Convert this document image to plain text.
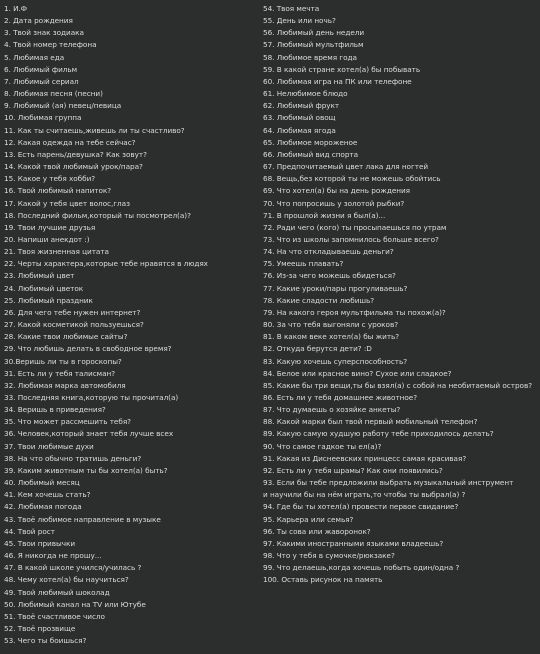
1. И.Ф
2. Дата рождения
3. Твой знак зодиака
4. Твой номер телефона
5. Любимая еда
6. Любимый фильм
7. Любимый сериал
8. Любимая песня (песни)
9. Любимый (ая) певец/певица
10. Любимая группа
11. Как ты считаешь,живешь ли ты счастливо?
12. Какая одежда на тебе сейчас?
13. Есть парень/девушка? Как зовут?
14. Какой твой любимый урок/пара?
15. Какое у тебя хобби?
16. Твой любимый напиток?
17. Какой у тебя цвет волос,глаз
18. Последний фильм,который ты посмотрел(а)?
19. Твои лучшие друзья
20. Напиши анекдот :)
21. Твоя жизненная цитата
22. Черты характера,которые тебе нравятся в людях
23. Любимый цвет
24. Любимый цветок
25. Любимый праздник
26. Для чего тебе нужен интернет?
27. Какой косметикой пользуешься?
28. Какие твои любимые сайты?
29. Что любишь делать в свободное время?
30.Веришь ли ты в гороскопы?
31. Есть ли у тебя талисман?
32. Любимая марка автомобиля
33. Последняя книга,которую ты прочитал(а)
34. Веришь в приведения?
35. Что может рассмешить тебя?
36. Человек,который знает тебя лучше всех
37. Твои любимые духи
38. На что обычно тратишь деньги?
39. Каким животным ты бы хотел(а) быть?
40. Любимый месяц
41. Кем хочешь стать?
42. Любимая погода
43. Твоё любимое направление в музыке
44. Твой рост
45. Твои привычки
46. Я никогда не прошу...
47. В какой школе учился/училась ?
48. Чему хотел(а) бы научиться?
49. Твой любимый шоколад
50. Любимый канал на TV или Ютубе
51. Твоё счастливое число
52. Твоё прозвище
53. Чего ты боишься?
54. Твоя мечта
55. День или ночь?
56. Любимый день недели
57. Любимый мультфильм
58. Любимое время года
59. В какой стране хотел(а) бы побывать
60. Любимая игра на ПК или телефоне
61. Нелюбимое блюдо
62. Любимый фрукт
63. Любимый овощ
64. Любимая ягода
65. Любимое мороженое
66. Любимый вид спорта
67. Предпочитаемый цвет лака для ногтей
68. Вещь,без которой ты не можешь обойтись
69. Что хотел(а) бы на день рождения
70. Что попросишь у золотой рыбки?
71. В прошлой жизни я был(а)...
72. Ради чего (кого) ты просыпаешься по утрам
73. Что из школы запомнилось больше всего?
74. На что откладываешь деньги?
75. Умеешь плавать?
76. Из-за чего можешь обидеться?
77. Какие уроки/пары прогуливаешь?
78. Какие сладости любишь?
79. На какого героя мультфильма ты похож(а)?
80. За что тебя выгоняли с уроков?
81. В каком веке хотел(а) бы жить?
82. Откуда берутся дети? :D
83. Какую хочешь суперспособность?
84. Белое или красное вино? Сухое или сладкое?
85. Какие бы три вещи,ты бы взял(а) с собой на необитаемый остров?
86. Есть ли у тебя домашнее животное?
87. Что думаешь о хозяйке анкеты?
88. Какой марки был твой первый мобильный телефон?
89. Какую самую худшую работу тебе приходилось делать?
90. Что самое гадкое ты ел(а)?
91. Какая из Диснеевских принцесс самая красивая?
92. Есть ли у тебя шрамы? Как они появились?
93. Если бы тебе предложили выбрать музыкальный инструмент
и научили бы на нём играть,то чтобы ты выбрал(а) ?
94. Где бы ты хотел(а) провести первое свидание?
95. Карьера или семья?
96. Ты сова или жаворонок?
97. Какими иностранными языками владеешь?
98. Что у тебя в сумочке/рюкзаке?
99. Что делаешь,когда хочешь побыть один/одна ?
100. Оставь рисунок на память
